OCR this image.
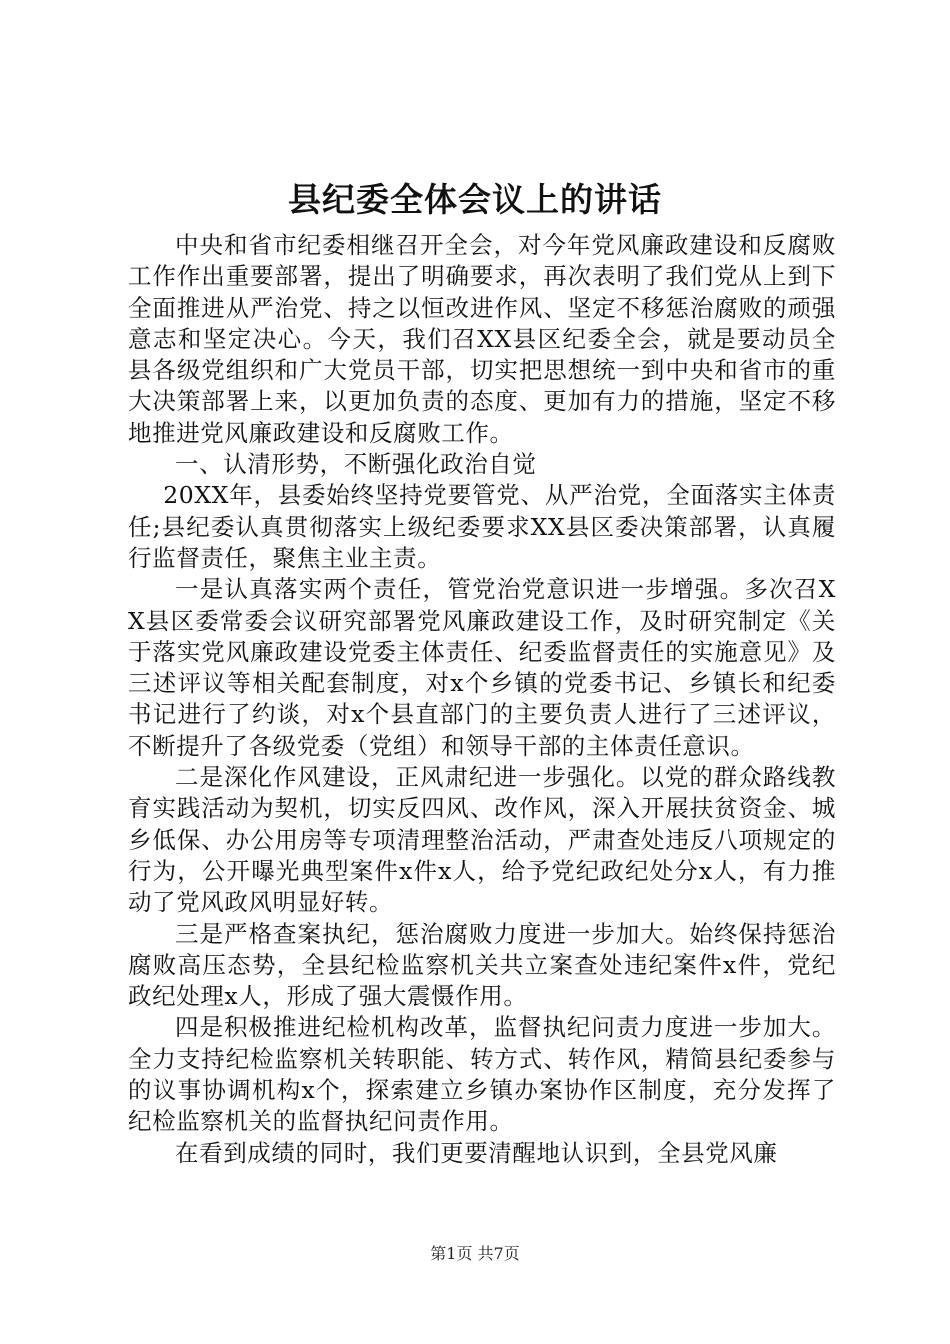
县纪委全体会议上的讲话

中央和省市纪委相继召开全会，对今年党风廉政建设和反腐败工作作出重要部署，提出了明确要求，再次表明了我们党从上到下全面推进从严治党、持之以恒改进作风、坚定不移惩治腐败的顽强意志和坚定决心。今天，我们召XX县区纪委全会，就是要动员全县各级党组织和广大党员干部，切实把思想统一到中央和省市的重大决策部署上来，以更加负责的态度、更加有力的措施，坚定不移地推进党风廉政建设和反腐败工作。

一、认清形势，不断强化政治自觉

20XX年，县委始终坚持党要管党、从严治党，全面落实主体责任;县纪委认真贯彻落实上级纪委要求XX县区委决策部署，认真履行监督责任，聚焦主业主责。

一是认真落实两个责任，管党治党意识进一步增强。多次召XX县区委常委会议研究部署党风廉政建设工作，及时研究制定《关于落实党风廉政建设党委主体责任、纪委监督责任的实施意见》及三述评议等相关配套制度，对x个乡镇的党委书记、乡镇长和纪委书记进行了约谈，对x个县直部门的主要负责人进行了三述评议，不断提升了各级党委（党组）和领导干部的主体责任意识。

二是深化作风建设，正风肃纪进一步强化。以党的群众路线教育实践活动为契机，切实反四风、改作风，深入开展扶贫资金、城乡低保、办公用房等专项清理整治活动，严肃查处违反八项规定的行为，公开曝光典型案件x件x人，给予党纪政纪处分x人，有力推动了党风政风明显好转。

三是严格查案执纪，惩治腐败力度进一步加大。始终保持惩治腐败高压态势，全县纪检监察机关共立案查处违纪案件x件，党纪政纪处理x人，形成了强大震慑作用。

四是积极推进纪检机构改革，监督执纪问责力度进一步加大。全力支持纪检监察机关转职能、转方式、转作风，精简县纪委参与的议事协调机构x个，探索建立乡镇办案协作区制度，充分发挥了纪检监察机关的监督执纪问责作用。

在看到成绩的同时，我们更要清醒地认识到，全县党风廉

第1页 共7页
